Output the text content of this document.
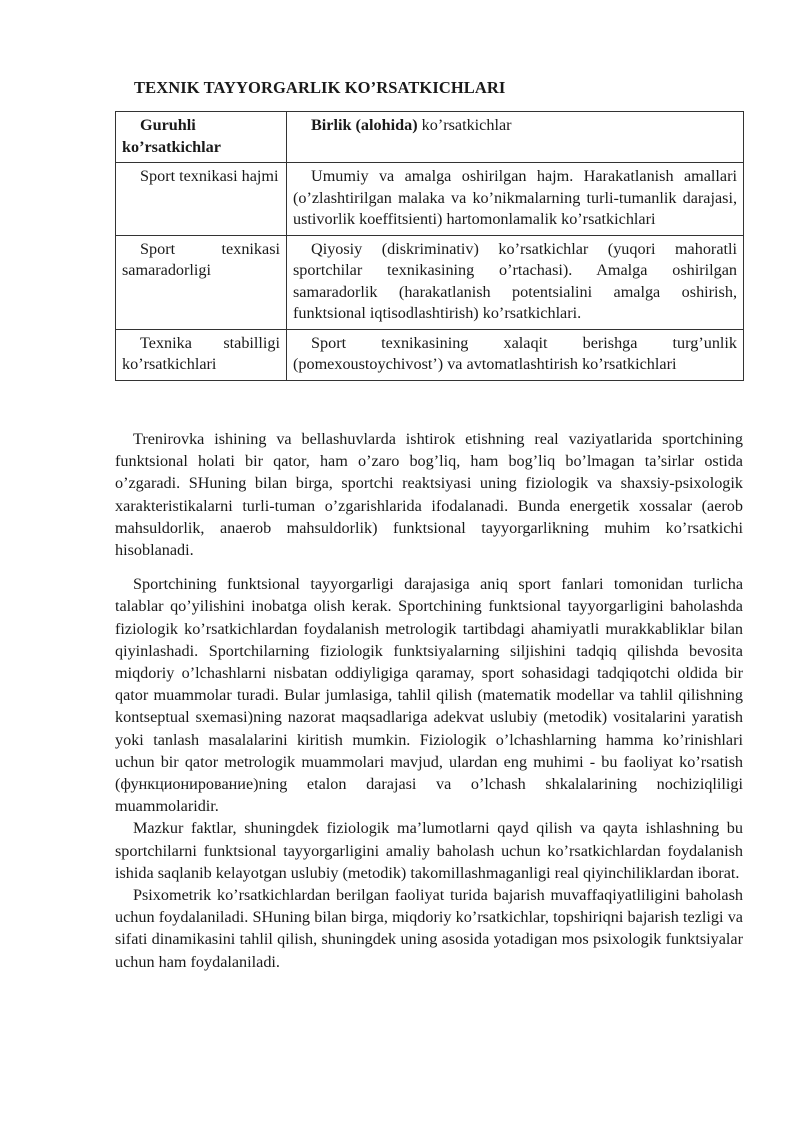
TEXNIK TAYYORGARLIK KO’RSATKICHLARI
Guruhli ko’rsatkichlar	Birlik (alohida) ko’rsatkichlar
Sport texnikasi hajmi	Umumiy va amalga oshirilgan hajm. Harakatlanish amallari (o’zlashtirilgan malaka va ko’nikmalarning turli-tumanlik darajasi, ustivorlik koeffitsienti) hartomonlamalik ko’rsatkichlari
Sport texnikasi samaradorligi	Qiyosiy (diskriminativ) ko’rsatkichlar (yuqori mahoratli sportchilar texnikasining o’rtachasi). Amalga oshirilgan samaradorlik (harakatlanish potentsialini amalga oshirish, funktsional iqtisodlashtirish) ko’rsatkichlari.
Texnika stabilligi ko’rsatkichlari	Sport texnikasining xalaqit berishga turg’unlik (pomexoustoychivost’) va avtomatlashtirish ko’rsatkichlari

Trenirovka ishining va bellashuvlarda ishtirok etishning real vaziyatlarida sportchining funktsional holati bir qator, ham o’zaro bog’liq, ham bog’liq bo’lmagan ta’sirlar ostida o’zgaradi. SHuning bilan birga, sportchi reaktsiyasi uning fiziologik va shaxsiy-psixologik xarakteristikalarni turli-tuman o’zgarishlarida ifodalanadi. Bunda energetik xossalar (aerob mahsuldorlik, anaerob mahsuldorlik) funktsional tayyorgarlikning muhim ko’rsatkichi hisoblanadi.

Sportchining funktsional tayyorgarligi darajasiga aniq sport fanlari tomonidan turlicha talablar qo’yilishini inobatga olish kerak. Sportchining funktsional tayyorgarligini baholashda fiziologik ko’rsatkichlardan foydalanish metrologik tartibdagi ahamiyatli murakkabliklar bilan qiyinlashadi. Sportchilarning fiziologik funktsiyalarning siljishini tadqiq qilishda bevosita miqdoriy o’lchashlarni nisbatan oddiyligiga qaramay, sport sohasidagi tadqiqotchi oldida bir qator muammolar turadi. Bular jumlasiga, tahlil qilish (matematik modellar va tahlil qilishning kontseptual sxemasi)ning nazorat maqsadlariga adekvat uslubiy (metodik) vositalarini yaratish yoki tanlash masalalarini kiritish mumkin. Fiziologik o’lchashlarning hamma ko’rinishlari uchun bir qator metrologik muammolari mavjud, ulardan eng muhimi - bu faoliyat ko’rsatish (функционирование)ning etalon darajasi va o’lchash shkalalarining nochiziqliligi muammolaridir.

Mazkur faktlar, shuningdek fiziologik ma’lumotlarni qayd qilish va qayta ishlashning bu sportchilarni funktsional tayyorgarligini amaliy baholash uchun ko’rsatkichlardan foydalanish ishida saqlanib kelayotgan uslubiy (metodik) takomillashmaganligi real qiyinchiliklardan iborat.

Psixometrik ko’rsatkichlardan berilgan faoliyat turida bajarish muvaffaqiyatliligini baholash uchun foydalaniladi. SHuning bilan birga, miqdoriy ko’rsatkichlar, topshiriqni bajarish tezligi va sifati dinamikasini tahlil qilish, shuningdek uning asosida yotadigan mos psixologik funktsiyalar uchun ham foydalaniladi.
